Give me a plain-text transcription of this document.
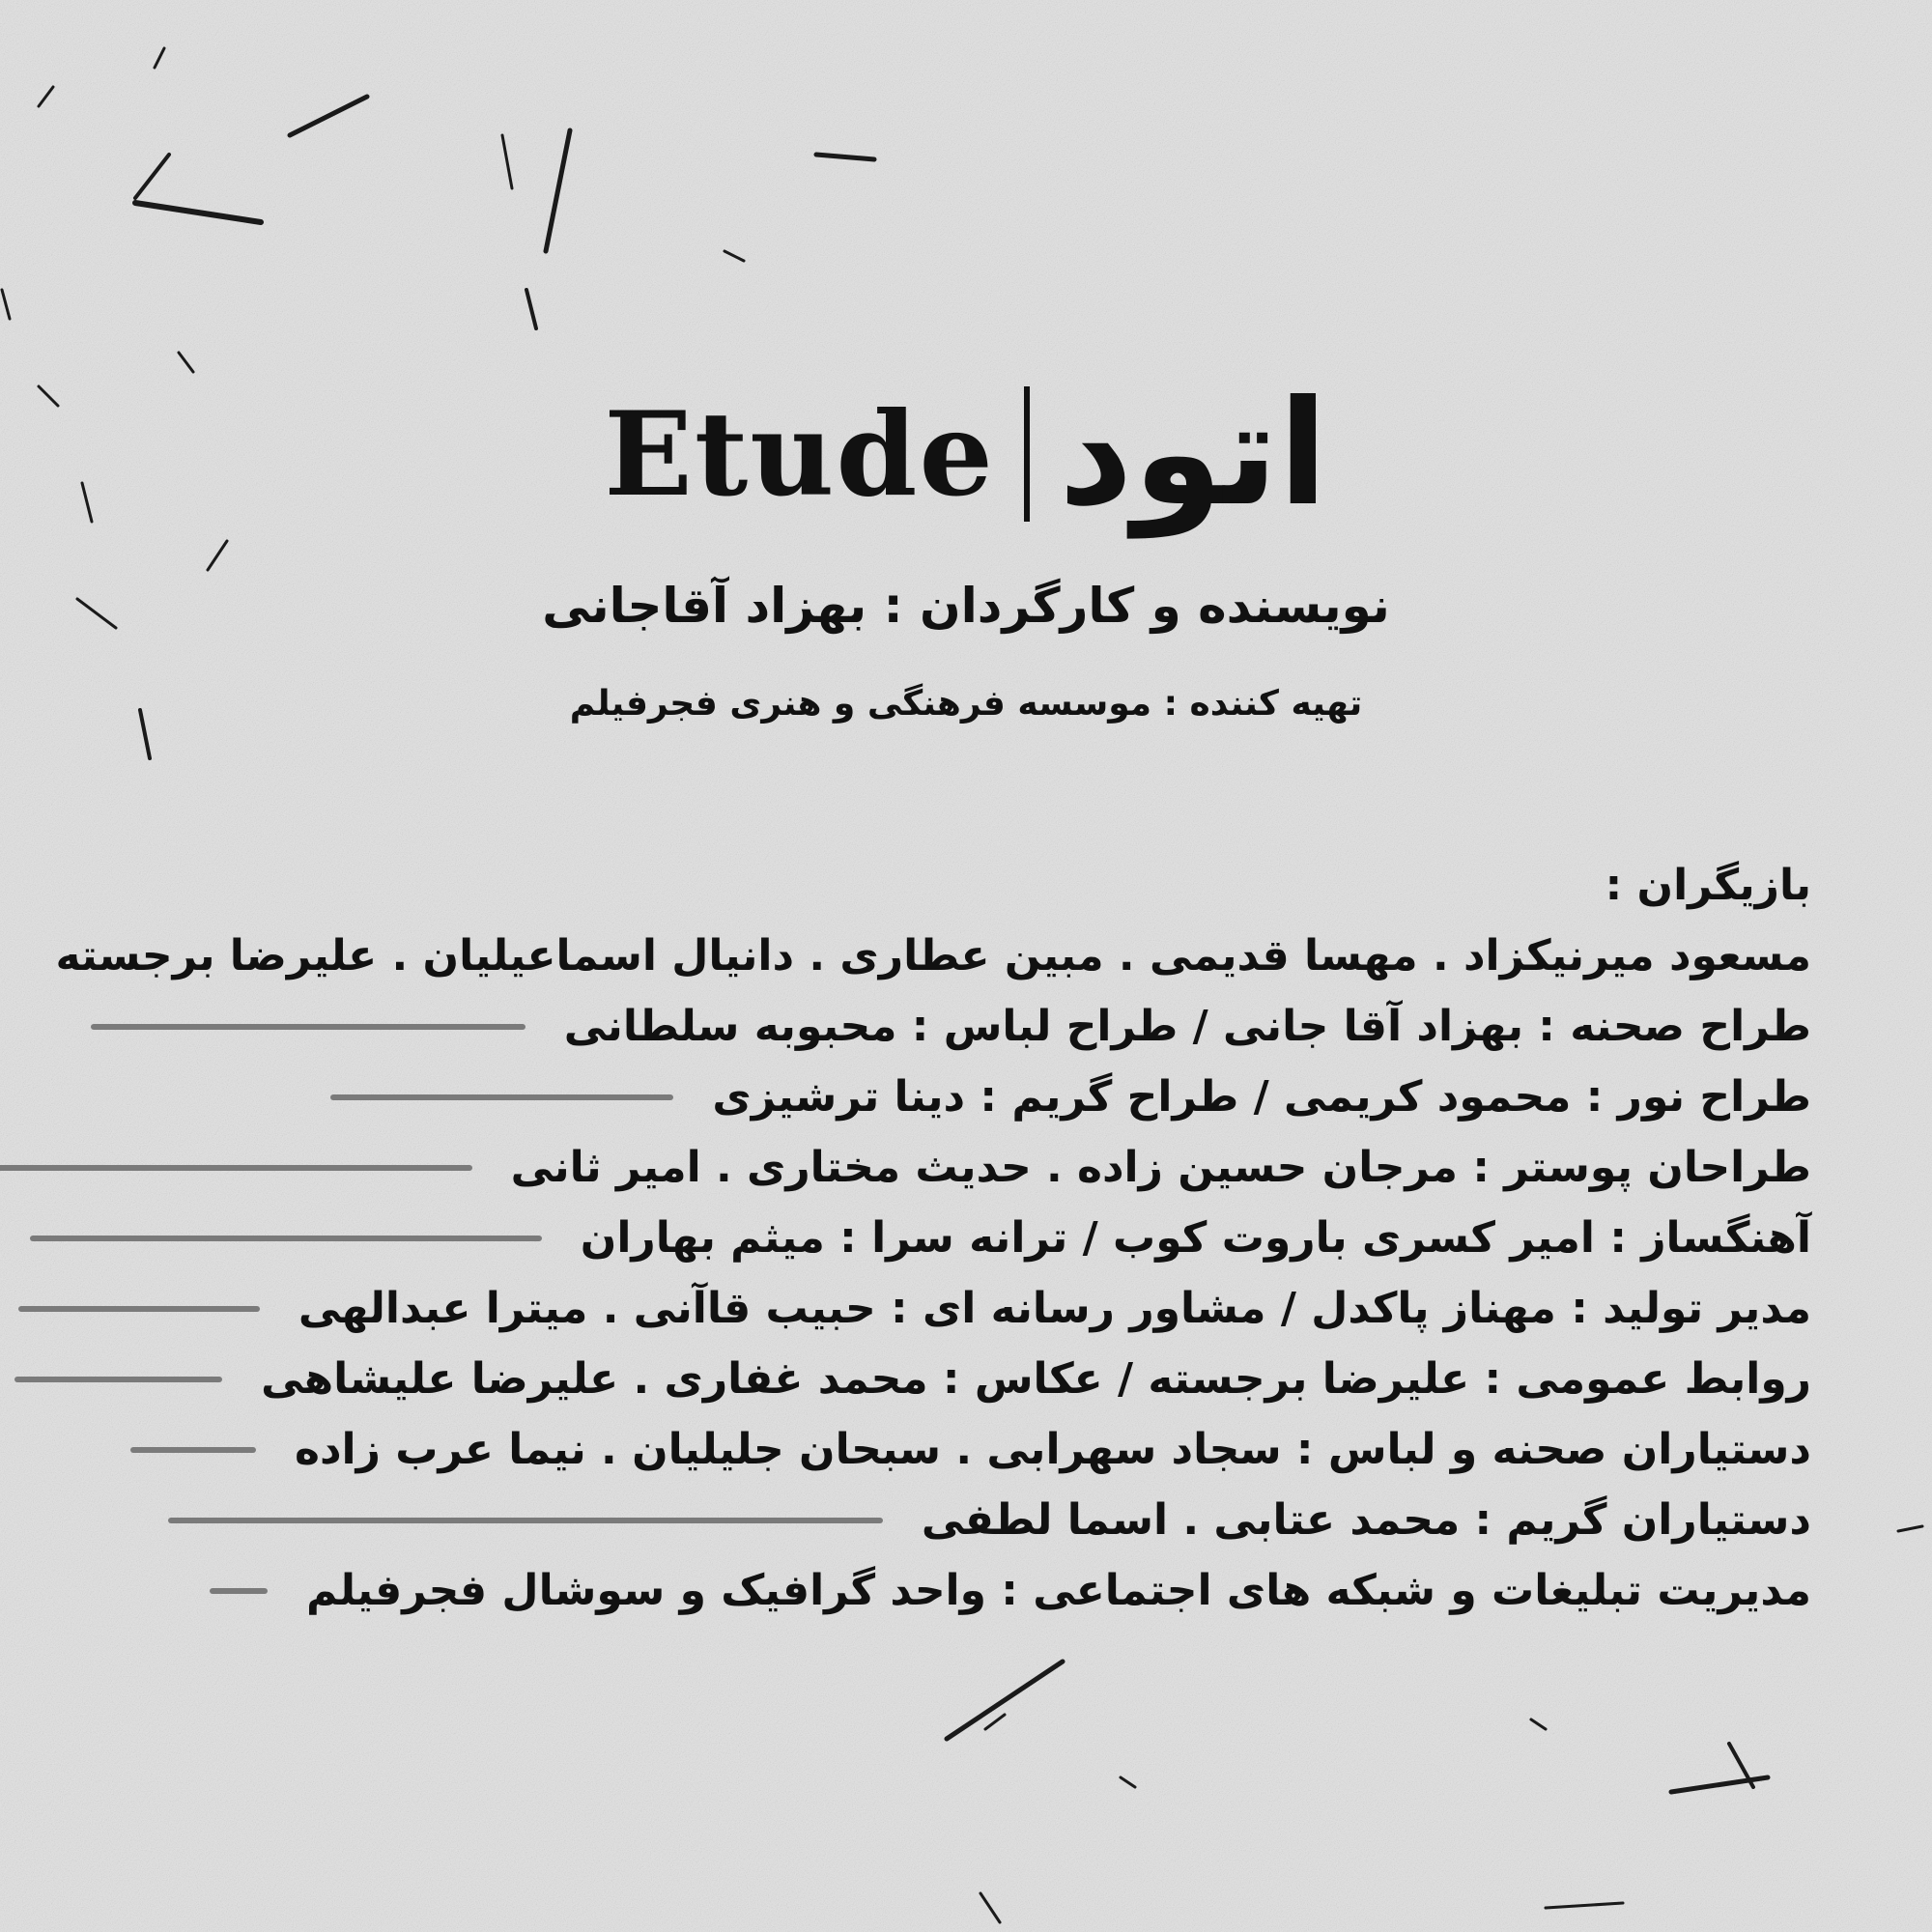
Etude اتود
نویسنده و کارگردان : بهزاد آقاجانی
تهیه کننده : موسسه فرهنگی و هنری فجرفیلم
بازیگران :
مسعود میرنیکزاد . مهسا قدیمی . مبین عطاری . دانیال اسماعیلیان . علیرضا برجسته
طراح صحنه : بهزاد آقا جانی / طراح لباس : محبوبه سلطانی
طراح نور : محمود کریمی / طراح گریم : دینا ترشیزی
طراحان پوستر : مرجان حسین زاده . حدیث مختاری . امیر ثانی
آهنگساز : امیر کسری باروت کوب / ترانه سرا : میثم بهاران
مدیر تولید : مهناز پاکدل / مشاور رسانه ای : حبیب قاآنی . میترا عبدالهی
روابط عمومی : علیرضا برجسته / عکاس : محمد غفاری . علیرضا علیشاهی
دستیاران صحنه و لباس : سجاد سهرابی . سبحان جلیلیان . نیما عرب زاده
دستیاران گریم : محمد عتابی . اسما لطفی
مدیریت تبلیغات و شبکه های اجتماعی : واحد گرافیک و سوشال فجرفیلم
